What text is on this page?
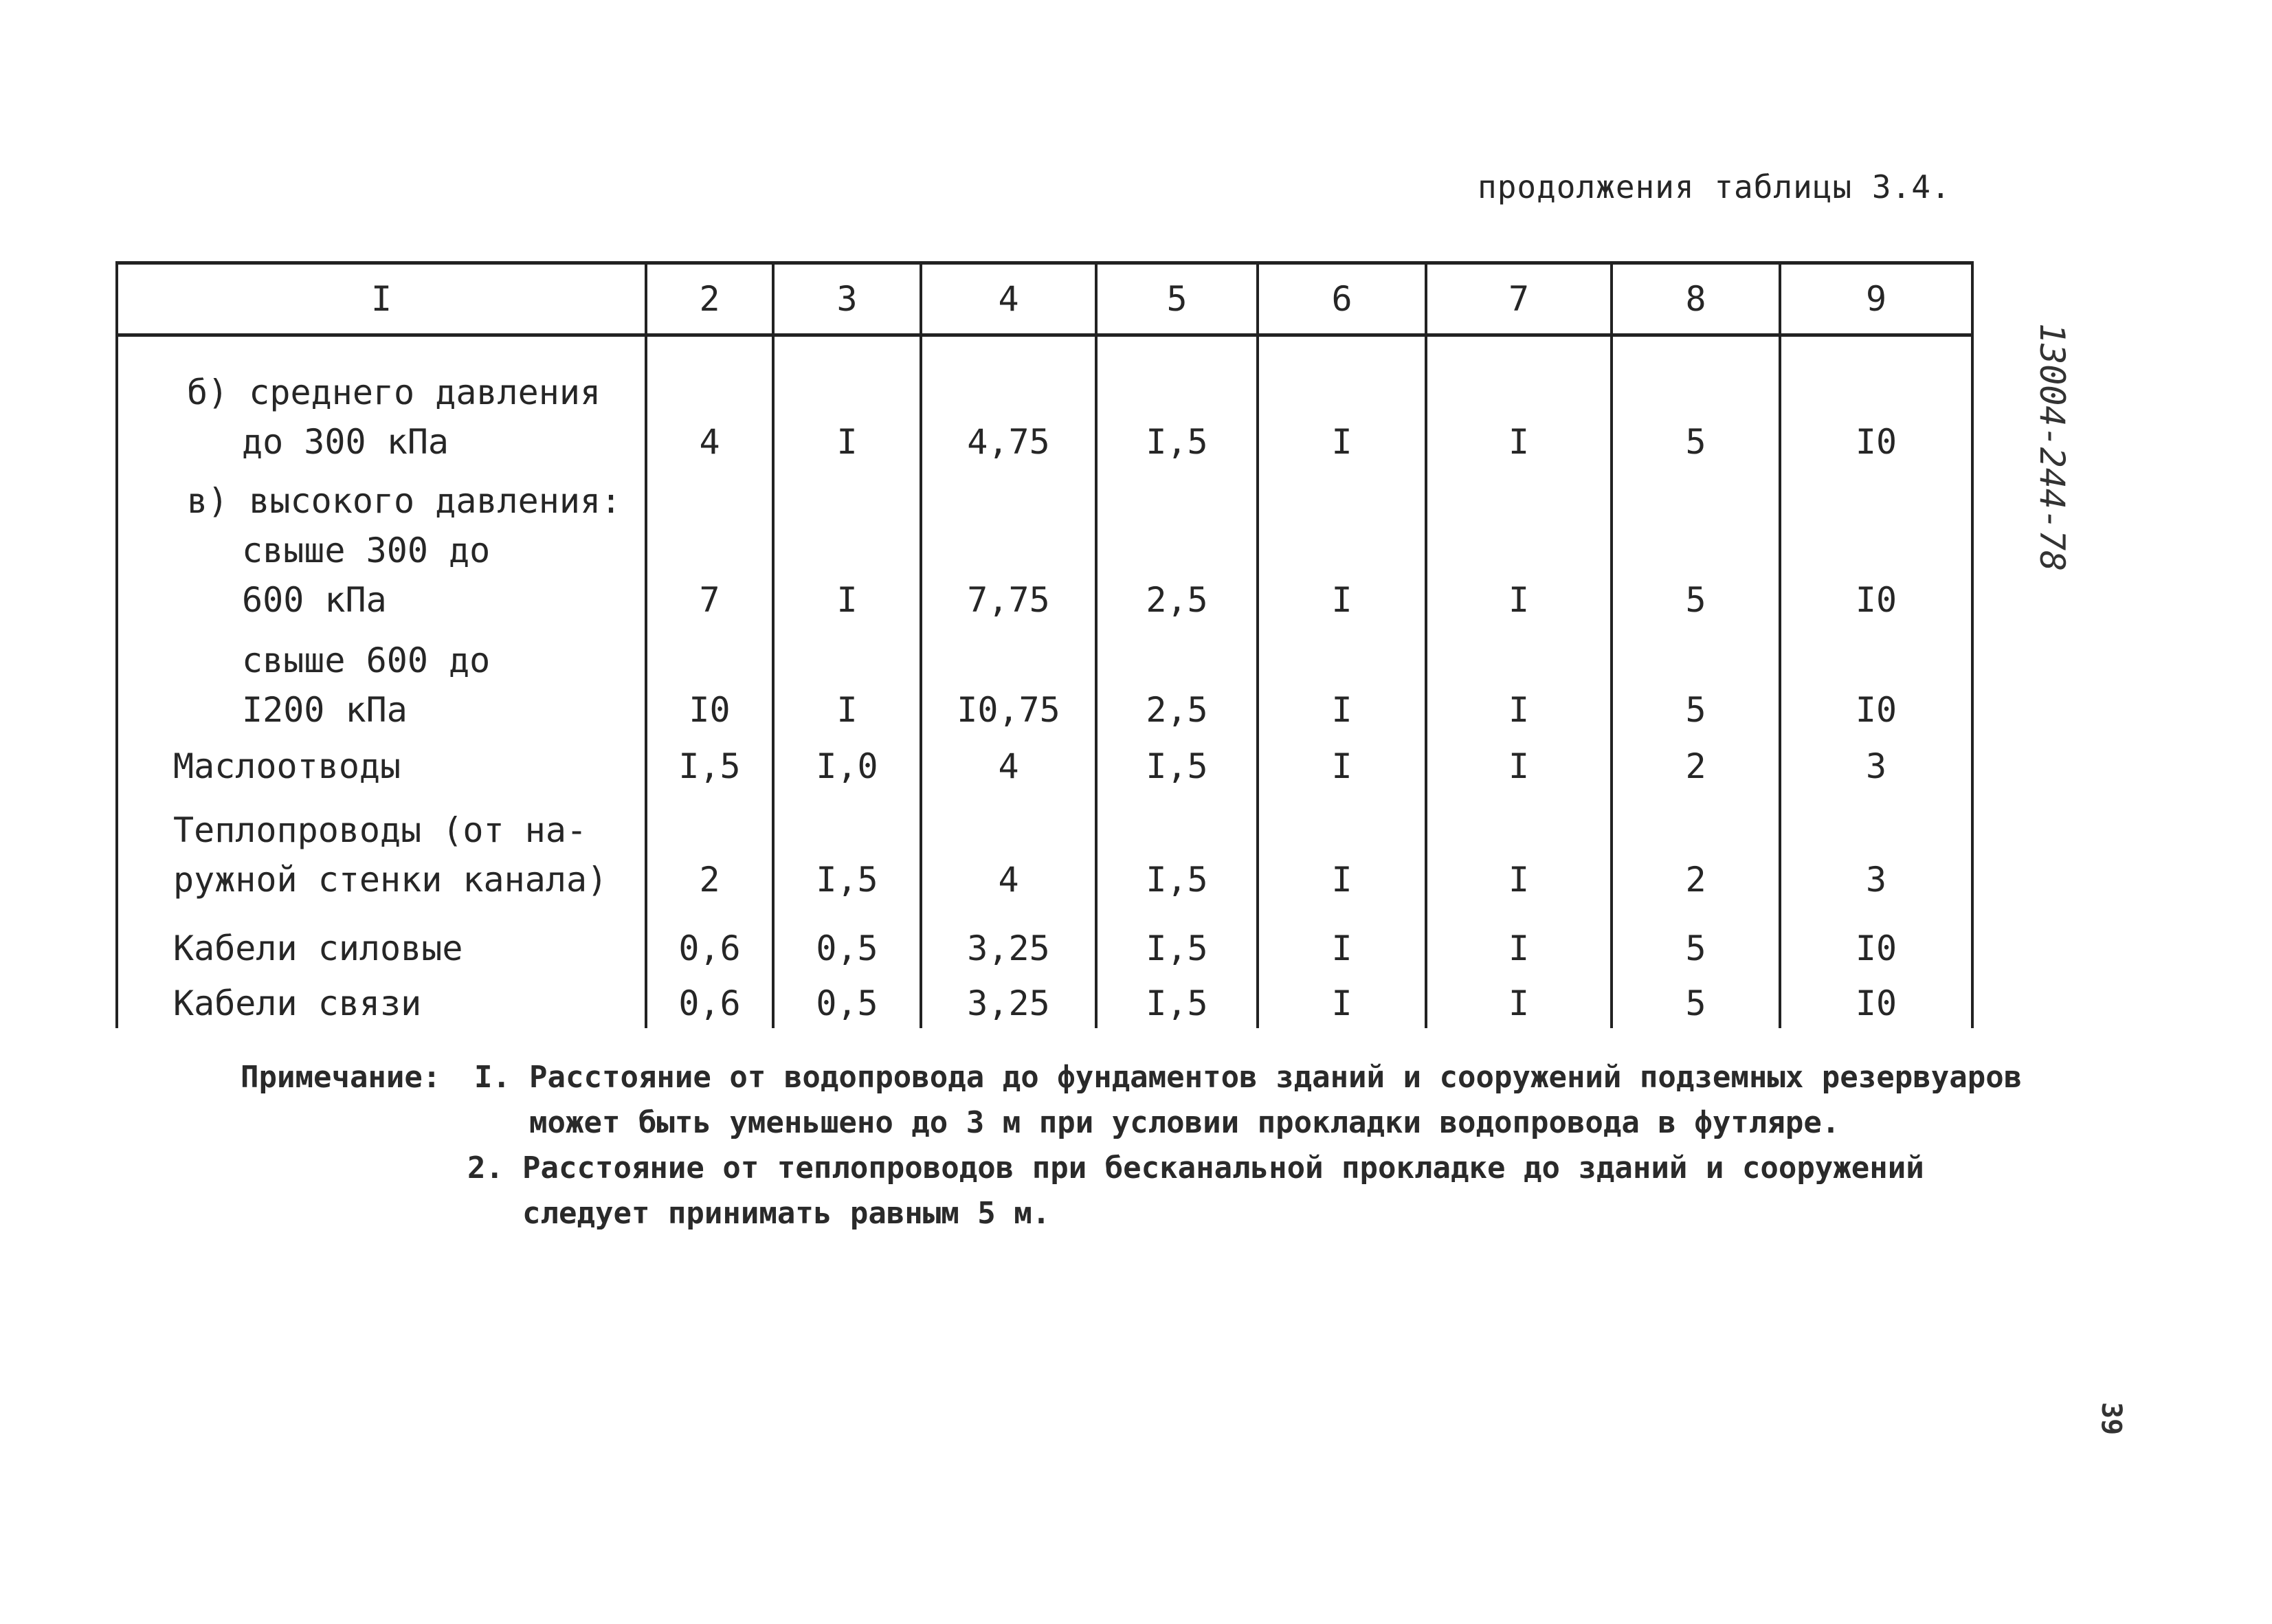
продолжения таблицы 3.4.
13004-244-78
39
I	2	3	4	5	6	7	8	9

б) среднего давления
до 300 кПа	4	I	4,75	I,5	I	I	5	I0

в) высокого давления:
свыше 300 до
600 кПа	7	I	7,75	2,5	I	I	5	I0

свыше 600 до
I200 кПа	I0	I	I0,75	2,5	I	I	5	I0

Маслоотводы	I,5	I,0	4	I,5	I	I	2	3

Теплопроводы (от на-
ружной стенки канала)	2	I,5	4	I,5	I	I	2	3

Кабели силовые	0,6	0,5	3,25	I,5	I	I	5	I0

Кабели связи	0,6	0,5	3,25	I,5	I	I	5	I0
Примечание:	I. Расстояние от водопровода до фундаментов зданий и сооружений подземных резервуаров может быть уменьшено до 3 м при условии прокладки водопровода в футляре.
2. Расстояние от теплопроводов при бесканальной прокладке до зданий и сооружений следует принимать равным 5 м.
